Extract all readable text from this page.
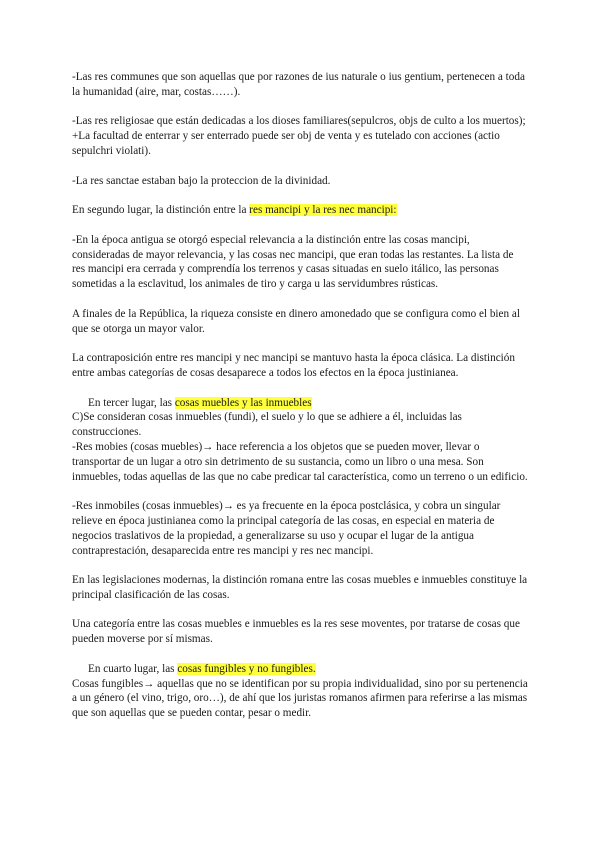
-Las res communes que son aquellas que por razones de ius naturale o ius gentium, pertenecen a toda la humanidad (aire, mar, costas……).

-Las res religiosae que están dedicadas a los dioses familiares(sepulcros, objs de culto a los muertos);

+La facultad de enterrar y ser enterrado puede ser obj de venta y es tutelado con acciones (actio sepulchri violati).

-La res sanctae estaban bajo la proteccion de la divinidad.

En segundo lugar, la distinción entre la res mancipi y la res nec mancipi:

-En la época antigua se otorgó especial relevancia a la distinción entre las cosas mancipi, consideradas de mayor relevancia, y las cosas nec mancipi, que eran todas las restantes. La lista de res mancipi era cerrada y comprendía los terrenos y casas situadas en suelo itálico, las personas sometidas a la esclavitud, los animales de tiro y carga u las servidumbres rústicas.

A finales de la República, la riqueza consiste en dinero amonedado que se configura como el bien al que se otorga un mayor valor.

La contraposición entre res mancipi y nec mancipi se mantuvo hasta la época clásica. La distinción entre ambas categorías de cosas desaparece a todos los efectos en la época justinianea.

En tercer lugar, las cosas muebles y las inmuebles

C)Se consideran cosas inmuebles (fundi), el suelo y lo que se adhiere a él, incluidas las construcciones.

-Res mobies (cosas muebles)→ hace referencia a los objetos que se pueden mover, llevar o transportar de un lugar a otro sin detrimento de su sustancia, como un libro o una mesa. Son inmuebles, todas aquellas de las que no cabe predicar tal característica, como un terreno o un edificio.

-Res inmobiles (cosas inmuebles)→ es ya frecuente en la época postclásica, y cobra un singular relieve en época justinianea como la principal categoría de las cosas, en especial en materia de negocios traslativos de la propiedad, a generalizarse su uso y ocupar el lugar de la antigua contraprestación, desaparecida entre res mancipi y res nec mancipi.

En las legislaciones modernas, la distinción romana entre las cosas muebles e inmuebles constituye la principal clasificación de las cosas.

Una categoría entre las cosas muebles e inmuebles es la res sese moventes, por tratarse de cosas que pueden moverse por sí mismas.

En cuarto lugar, las cosas fungibles y no fungibles.

Cosas fungibles→ aquellas que no se identifican por su propia individualidad, sino por su pertenencia a un género (el vino, trigo, oro…), de ahí que los juristas romanos afirmen para referirse a las mismas que son aquellas que se pueden contar, pesar o medir.
